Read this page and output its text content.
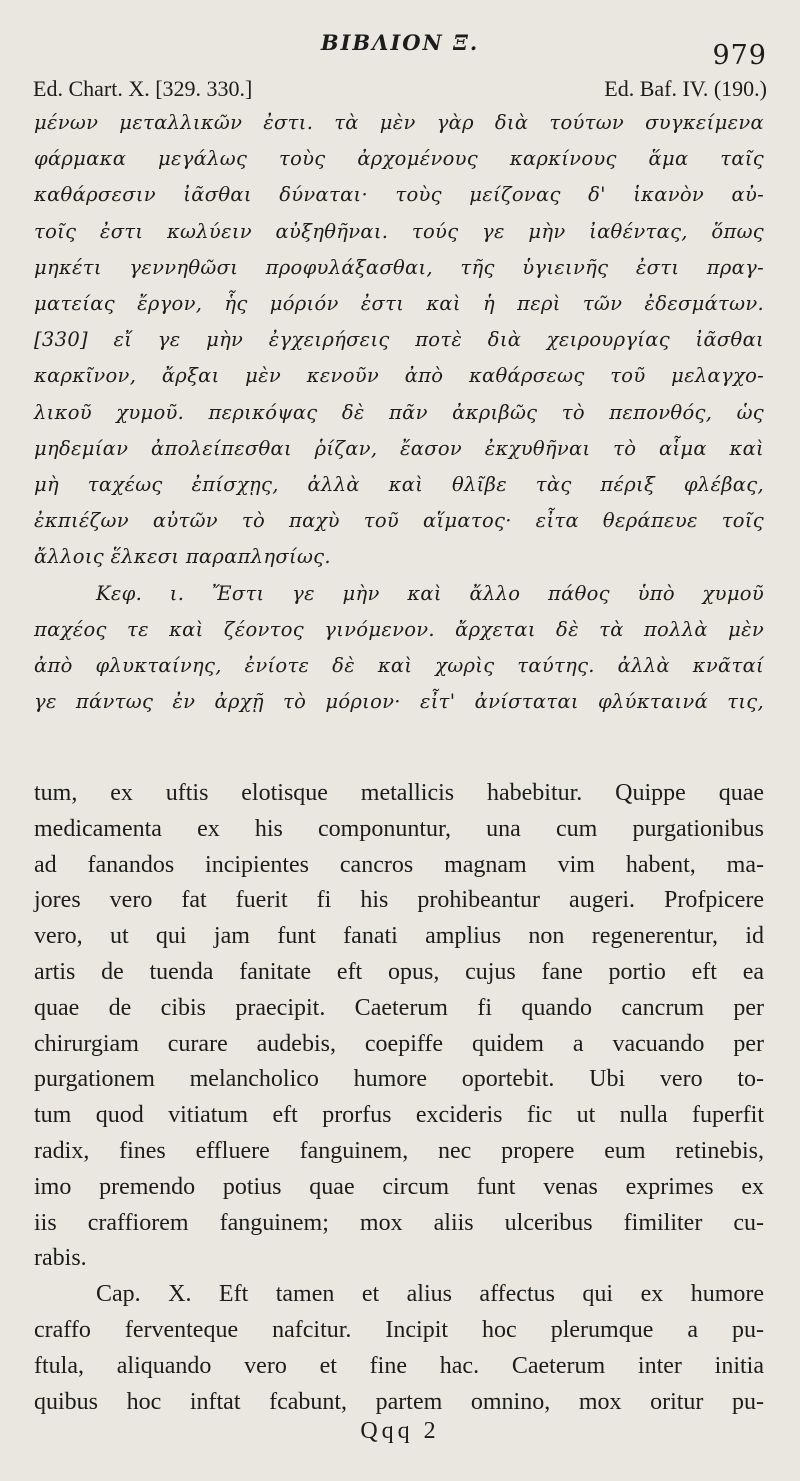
ΒΙΒΛΙΟΝ Ξ.	979
Ed. Chart. X. [329. 330.]	Ed. Baf. IV. (190.)
μένων μεταλλικῶν ἐστι. τὰ μὲν γὰρ διὰ τούτων συγκείμενα
φάρμακα μεγάλως τοὺς ἀρχομένους καρκίνους ἅμα ταῖς
καθάρσεσιν ἰᾶσθαι δύναται· τοὺς μείζονας δ' ἱκανὸν αὐ-
τοῖς ἐστι κωλύειν αὐξηθῆναι. τούς γε μὴν ἰαθέντας, ὅπως
μηκέτι γεννηθῶσι προφυλάξασθαι, τῆς ὑγιεινῆς ἐστι πραγ-
ματείας ἔργον, ἧς μόριόν ἐστι καὶ ἡ περὶ τῶν ἐδεσμάτων.
[330] εἴ γε μὴν ἐγχειρήσεις ποτὲ διὰ χειρουργίας ἰᾶσθαι
καρκῖνον, ἄρξαι μὲν κενοῦν ἀπὸ καθάρσεως τοῦ μελαγχο-
λικοῦ χυμοῦ. περικόψας δὲ πᾶν ἀκριβῶς τὸ πεπονθός, ὡς
μηδεμίαν ἀπολείπεσθαι ῥίζαν, ἔασον ἐκχυθῆναι τὸ αἷμα καὶ
μὴ ταχέως ἐπίσχῃς, ἀλλὰ καὶ θλῖβε τὰς πέριξ φλέβας,
ἐκπιέζων αὐτῶν τὸ παχὺ τοῦ αἵματος· εἶτα θεράπευε τοῖς
ἄλλοις ἕλκεσι παραπλησίως.
Κεφ. ι. Ἔστι γε μὴν καὶ ἄλλο πάθος ὑπὸ χυμοῦ
παχέος τε καὶ ζέοντος γινόμενον. ἄρχεται δὲ τὰ πολλὰ μὲν
ἀπὸ φλυκταίνης, ἐνίοτε δὲ καὶ χωρὶς ταύτης. ἀλλὰ κνᾶταί
γε πάντως ἐν ἀρχῇ τὸ μόριον· εἶτ' ἀνίσταται φλύκταινά τις,
tum, ex uftis elotisque metallicis habebitur. Quippe quae
medicamenta ex his componuntur, una cum purgationibus
ad fanandos incipientes cancros magnam vim habent, ma-
jores vero fat fuerit fi his prohibeantur augeri. Profpicere
vero, ut qui jam funt fanati amplius non regenerentur, id
artis de tuenda fanitate eft opus, cujus fane portio eft ea
quae de cibis praecipit. Caeterum fi quando cancrum per
chirurgiam curare audebis, coepiffe quidem a vacuando per
purgationem melancholico humore oportebit. Ubi vero to-
tum quod vitiatum eft prorfus excideris fic ut nulla fuperfit
radix, fines effluere fanguinem, nec propere eum retinebis,
imo premendo potius quae circum funt venas exprimes ex
iis craffiorem fanguinem; mox aliis ulceribus fimiliter cu-
rabis.
Cap. X. Eft tamen et alius affectus qui ex humore
craffo ferventeque nafcitur. Incipit hoc plerumque a pu-
ftula, aliquando vero et fine hac. Caeterum inter initia
quibus hoc inftat fcabunt, partem omnino, mox oritur pu-
Qqq 2
